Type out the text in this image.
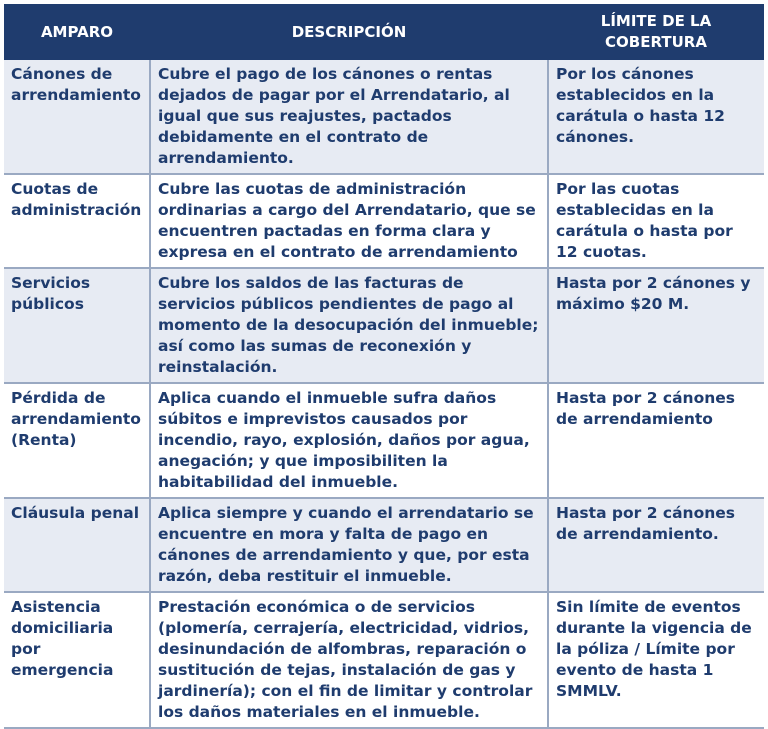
AMPARO	DESCRIPCIÓN	LÍMITE DE LA COBERTURA
Cánones de arrendamiento	Cubre el pago de los cánones o rentas dejados de pagar por el Arrendatario, al igual que sus reajustes, pactados debidamente en el contrato de arrendamiento.	Por los cánones establecidos en la carátula o hasta 12 cánones.
Cuotas de administración	Cubre las cuotas de administración ordinarias a cargo del Arrendatario, que se encuentren pactadas en forma clara y expresa en el contrato de arrendamiento	Por las cuotas establecidas en la carátula o hasta por 12 cuotas.
Servicios públicos	Cubre los saldos de las facturas de servicios públicos pendientes de pago al momento de la desocupación del inmueble; así como las sumas de reconexión y reinstalación.	Hasta por 2 cánones y máximo $20 M.
Pérdida de arrendamiento (Renta)	Aplica cuando el inmueble sufra daños súbitos e imprevistos causados por incendio, rayo, explosión, daños por agua, anegación; y que imposibiliten la habitabilidad del inmueble.	Hasta por 2 cánones de arrendamiento
Cláusula penal	Aplica siempre y cuando el arrendatario se encuentre en mora y falta de pago en cánones de arrendamiento y que, por esta razón, deba restituir el inmueble.	Hasta por 2 cánones de arrendamiento.
Asistencia domiciliaria por emergencia	Prestación económica o de servicios (plomería, cerrajería, electricidad, vidrios, desinundación de alfombras, reparación o sustitución de tejas, instalación de gas y jardinería); con el fin de limitar y controlar los daños materiales en el inmueble.	Sin límite de eventos durante la vigencia de la póliza / Límite por evento de hasta 1 SMMLV.
